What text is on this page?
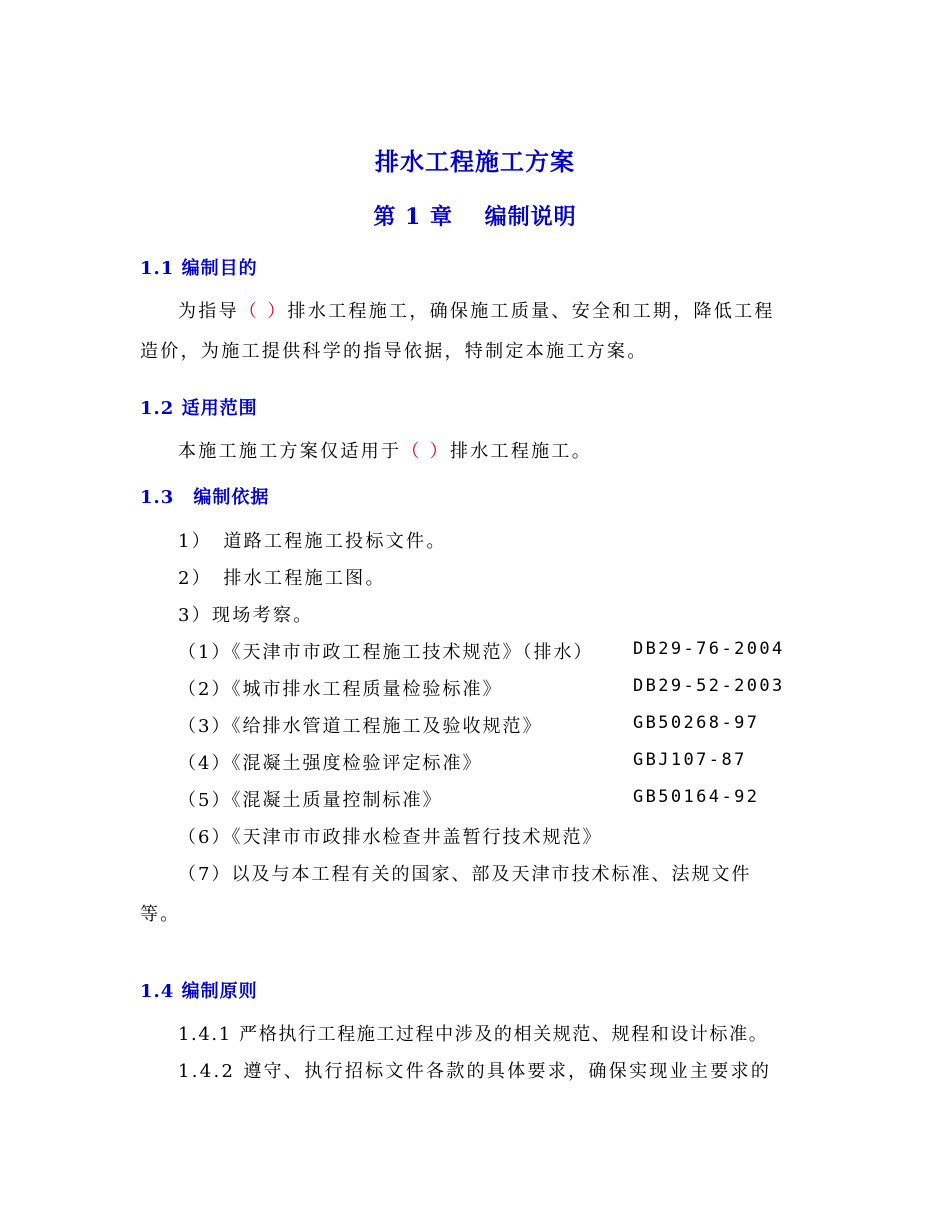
排水工程施工方案
第 1 章　 编制说明
1.1 编制目的
为指导（ ）排水工程施工，确保施工质量、安全和工期，降低工程
造价，为施工提供科学的指导依据，特制定本施工方案。
1.2 适用范围
本施工施工方案仅适用于（ ）排水工程施工。
1.3　编制依据
1）　道路工程施工投标文件。
2）　排水工程施工图。
3）现场考察。
（1）《天津市市政工程施工技术规范》（排水） DB29-76-2004
（2）《城市排水工程质量检验标准》	DB29-52-2003
（3）《给排水管道工程施工及验收规范》	GB50268-97
（4）《混凝土强度检验评定标准》	GBJ107-87
（5）《混凝土质量控制标准》	GB50164-92
（6）《天津市市政排水检查井盖暂行技术规范》
（7）以及与本工程有关的国家、部及天津市技术标准、法规文件
等。
1.4 编制原则
1.4.1 严格执行工程施工过程中涉及的相关规范、规程和设计标准。
1.4.2 遵守、执行招标文件各款的具体要求，确保实现业主要求的
